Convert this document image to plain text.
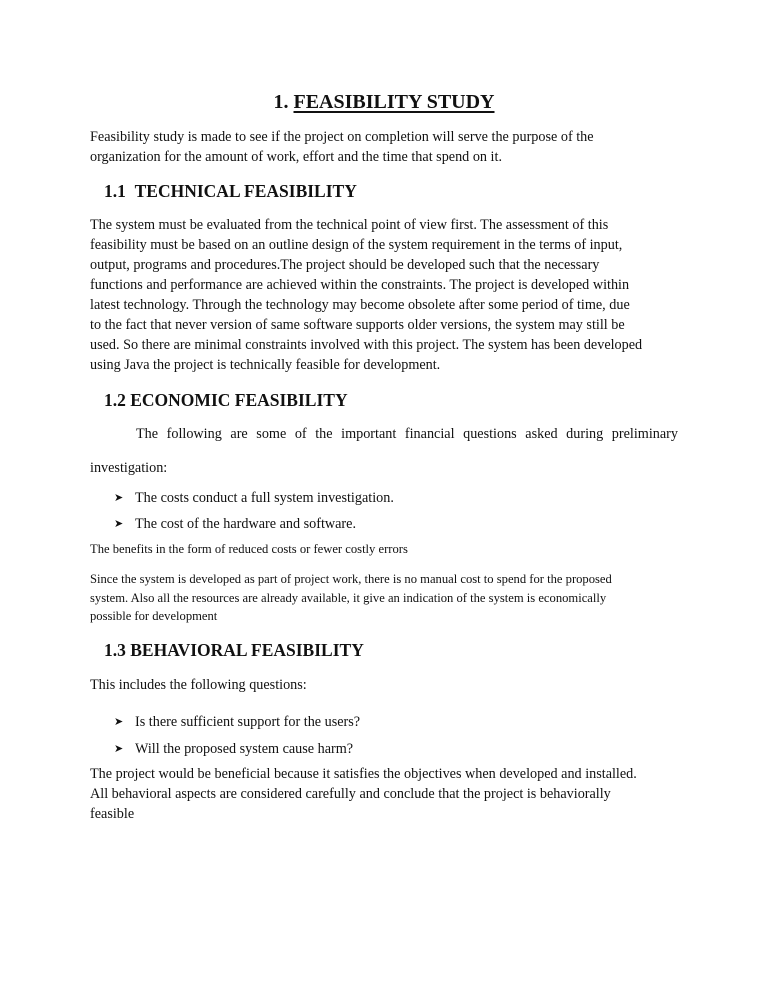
1. FEASIBILITY STUDY

Feasibility study is made to see if the project on completion will serve the purpose of the
organization for the amount of work, effort and the time that spend on it.

1.1 TECHNICAL FEASIBILITY

The system must be evaluated from the technical point of view first. The assessment of this
feasibility must be based on an outline design of the system requirement in the terms of input,
output, programs and procedures.The project should be developed such that the necessary
functions and performance are achieved within the constraints. The project is developed within
latest technology. Through the technology may become obsolete after some period of time, due
to the fact that never version of same software supports older versions, the system may still be
used. So there are minimal constraints involved with this project. The system has been developed
using Java the project is technically feasible for development.

1.2 ECONOMIC FEASIBILITY

The following are some of the important financial questions asked during preliminary investigation:

➤ The costs conduct a full system investigation.
➤ The cost of the hardware and software.

The benefits in the form of reduced costs or fewer costly errors

Since the system is developed as part of project work, there is no manual cost to spend for the proposed
system. Also all the resources are already available, it give an indication of the system is economically
possible for development

1.3 BEHAVIORAL FEASIBILITY

This includes the following questions:

➤ Is there sufficient support for the users?
➤ Will the proposed system cause harm?

The project would be beneficial because it satisfies the objectives when developed and installed.
All behavioral aspects are considered carefully and conclude that the project is behaviorally
feasible
